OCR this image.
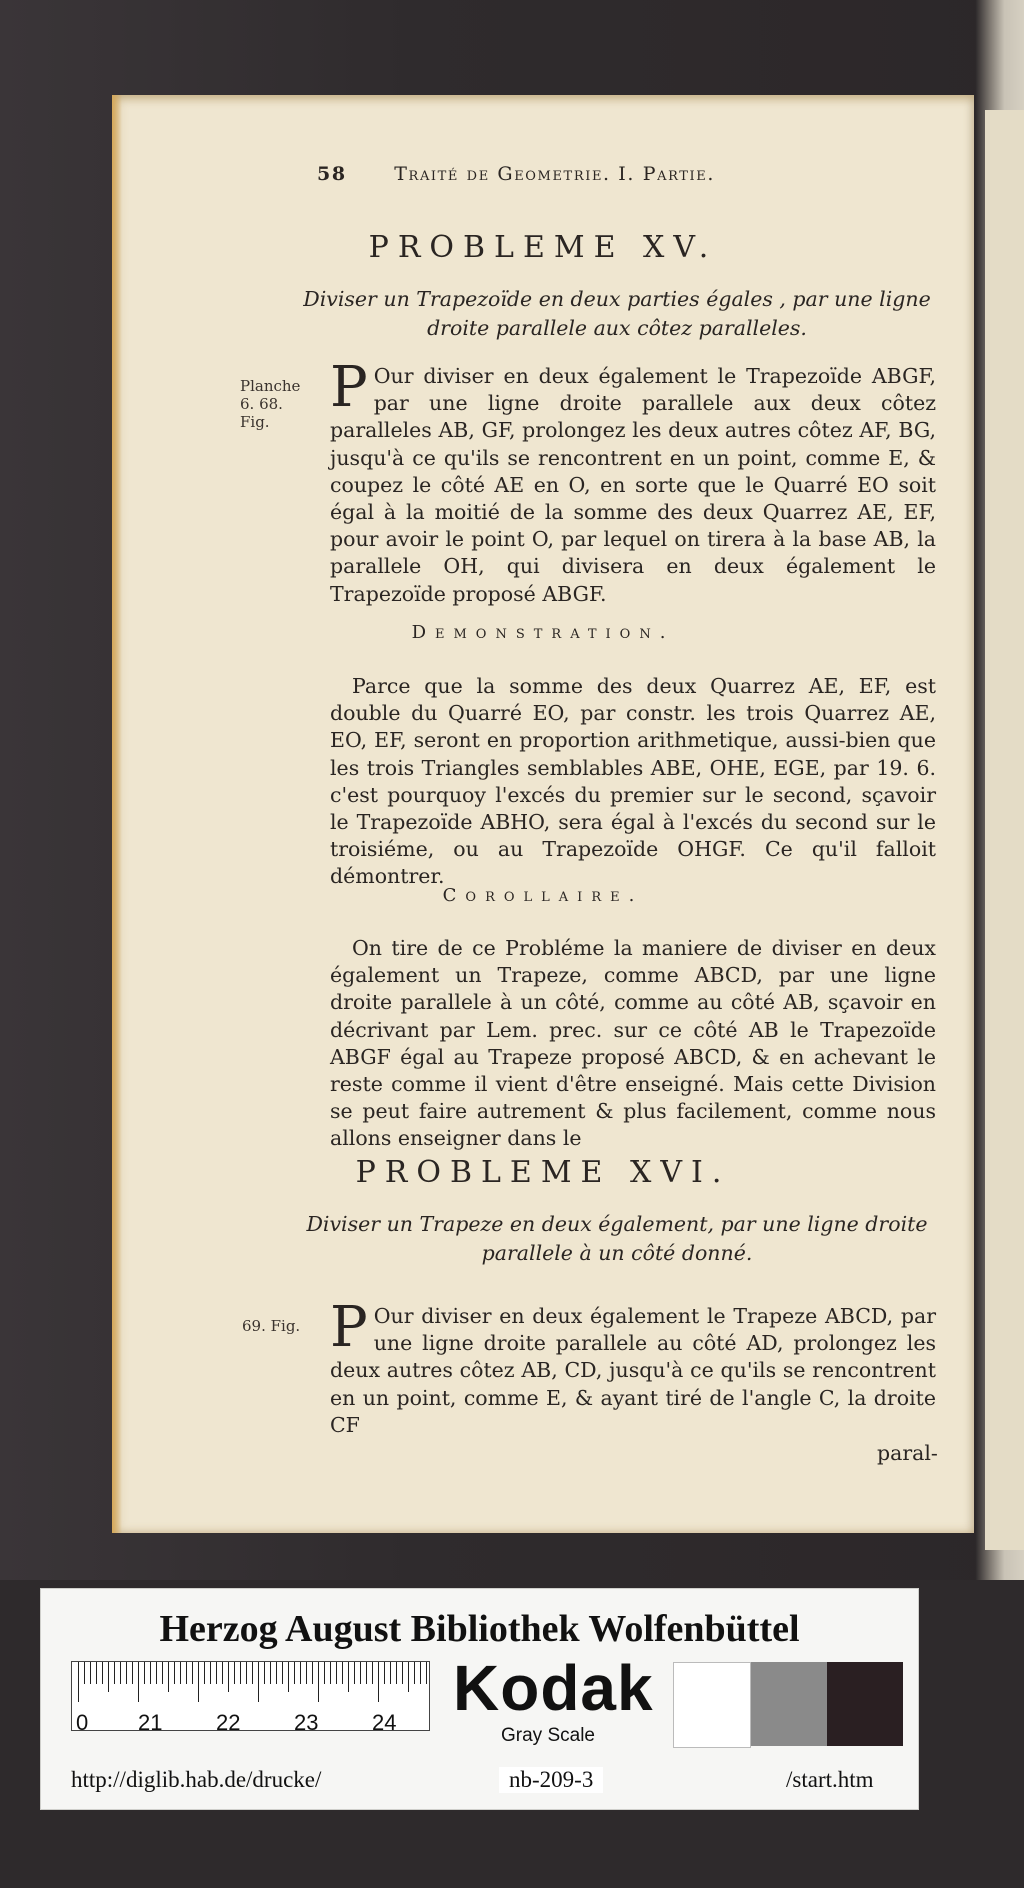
58	Traité de Geometrie. I. Partie.
PROBLEME XV.
Diviser un Trapezoïde en deux parties égales , par une ligne droite parallele aux côtez paralleles.
Planche 6. 68. Fig.
P Our diviser en deux également le Trapezoïde ABGF, par une ligne droite parallele aux deux côtez paralleles AB, GF, prolongez les deux autres côtez AF, BG, jusqu'à ce qu'ils se rencontrent en un point, comme E, & coupez le côté AE en O, en sorte que le Quarré EO soit égal à la moitié de la somme des deux Quarrez AE, EF, pour avoir le point O, par lequel on tirera à la base AB, la parallele OH, qui divisera en deux également le Trapezoïde proposé ABGF.
Demonstration.
Parce que la somme des deux Quarrez AE, EF, est double du Quarré EO, par constr. les trois Quarrez AE, EO, EF, seront en proportion arithmetique, aussi-bien que les trois Triangles semblables ABE, OHE, EGE, par 19. 6. c'est pourquoy l'excés du premier sur le second, sçavoir le Trapezoïde ABHO, sera égal à l'excés du second sur le troisiéme, ou au Trapezoïde OHGF. Ce qu'il falloit démontrer.
Corollaire.
On tire de ce Probléme la maniere de diviser en deux également un Trapeze, comme ABCD, par une ligne droite parallele à un côté, comme au côté AB, sçavoir en décrivant par Lem. prec. sur ce côté AB le Trapezoïde ABGF égal au Trapeze proposé ABCD, & en achevant le reste comme il vient d'être enseigné. Mais cette Division se peut faire autrement & plus facilement, comme nous allons enseigner dans le
PROBLEME XVI.
Diviser un Trapeze en deux également, par une ligne droite parallele à un côté donné.
69. Fig. P Our diviser en deux également le Trapeze ABCD, par une ligne droite parallele au côté AD, prolongez les deux autres côtez AB, CD, jusqu'à ce qu'ils se rencontrent en un point, comme E, & ayant tiré de l'angle C, la droite CF
paral-
Herzog August Bibliothek Wolfenbüttel
0 21 22 23 24 Kodak
Gray Scale
http://diglib.hab.de/drucke/	nb-209-3	/start.htm
